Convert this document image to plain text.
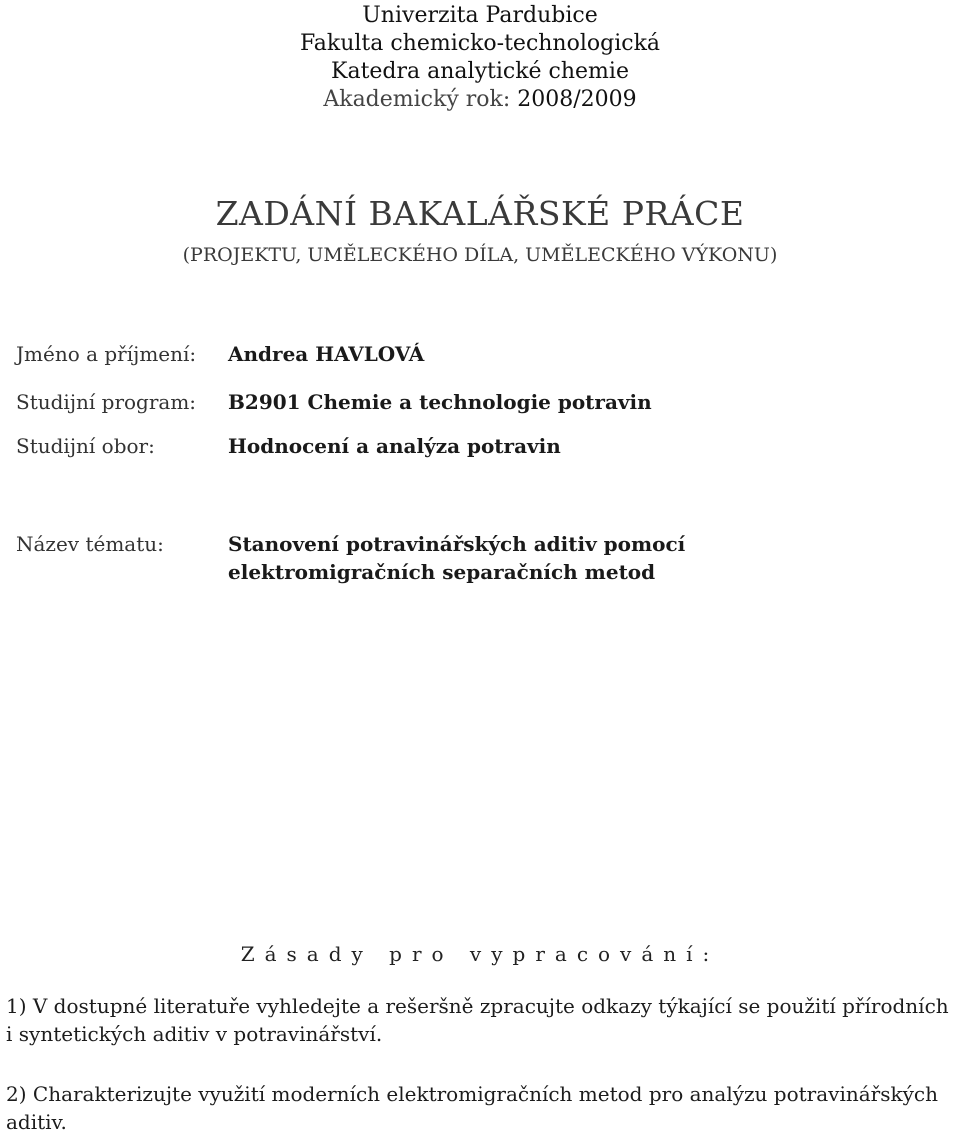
Univerzita Pardubice
Fakulta chemicko-technologická
Katedra analytické chemie
Akademický rok: 2008/2009
ZADÁNÍ BAKALÁŘSKÉ PRÁCE
(PROJEKTU, UMĚLECKÉHO DÍLA, UMĚLECKÉHO VÝKONU)
Jméno a příjmení: Andrea HAVLOVÁ
Studijní program: B2901 Chemie a technologie potravin
Studijní obor:	Hodnocení a analýza potravin
Název tématu:	Stanovení potravinářských aditiv pomocí
elektromigračních separačních metod
Zásady pro vypracování:
1) V dostupné literatuře vyhledejte a rešeršně zpracujte odkazy týkající se použití přírodních
i syntetických aditiv v potravinářství.
2) Charakterizujte využití moderních elektromigračních metod pro analýzu potravinářských
aditiv.
